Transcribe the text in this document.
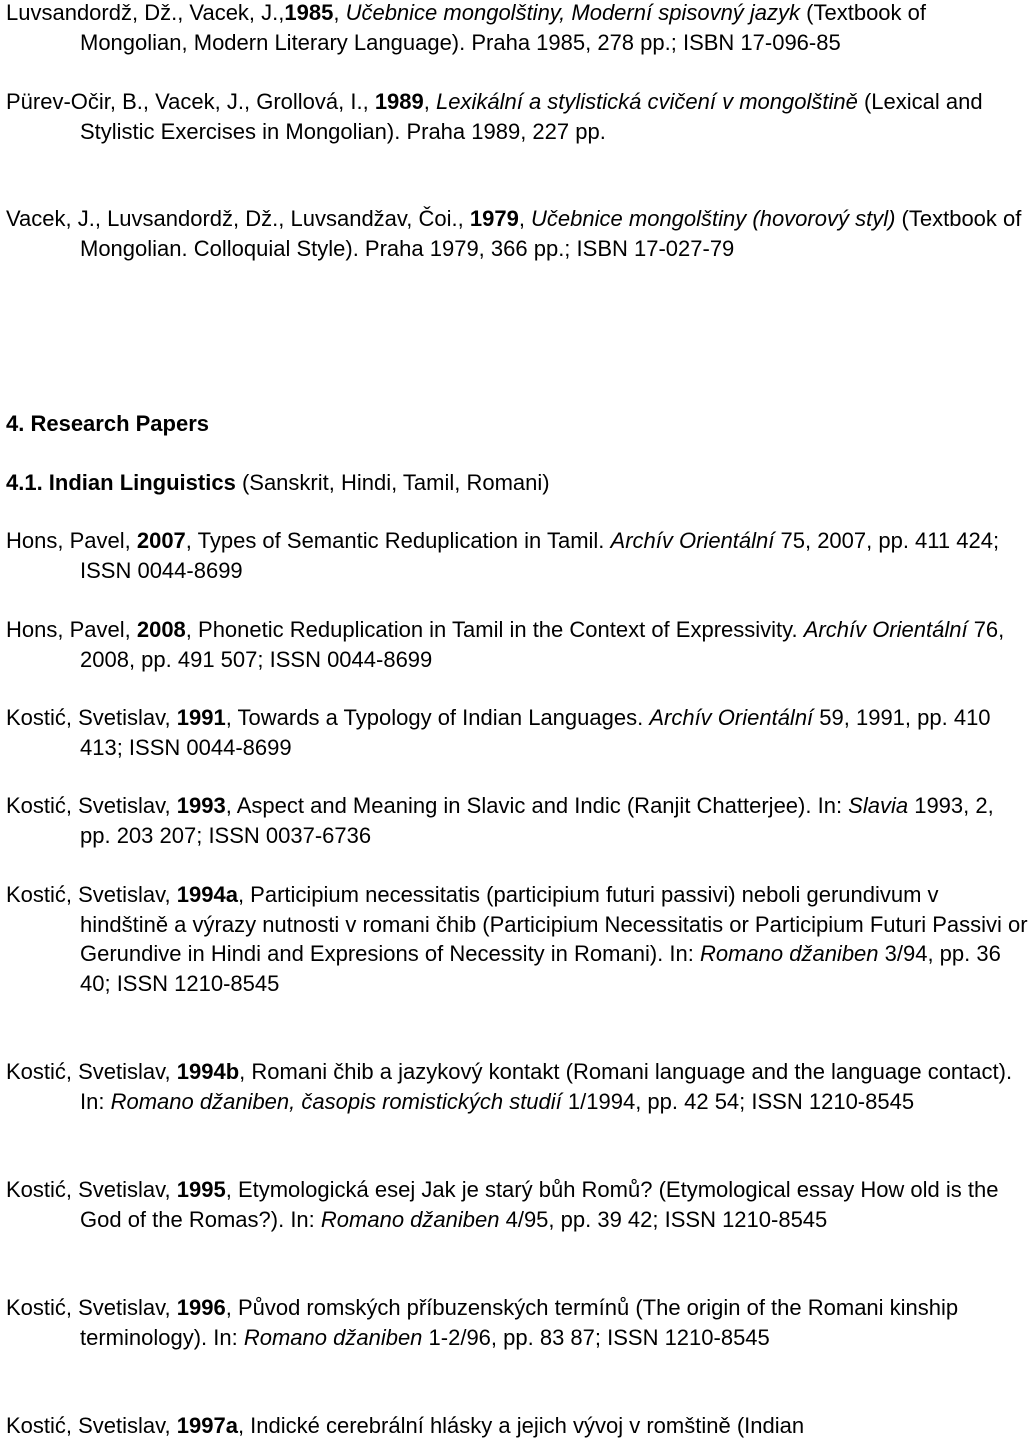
Luvsandordž, Dž., Vacek, J.,1985, Učebnice mongolštiny, Moderní spisovný jazyk (Textbook of Mongolian, Modern Literary Language). Praha 1985, 278 pp.; ISBN 17-096-85
Pürev-Očir, B., Vacek, J., Grollová, I., 1989, Lexikální a stylistická cvičení v mongolštině (Lexical and Stylistic Exercises in Mongolian). Praha 1989, 227 pp.
Vacek, J., Luvsandordž, Dž., Luvsandžav, Čoi., 1979, Učebnice mongolštiny (hovorový styl) (Textbook of Mongolian. Colloquial Style). Praha 1979, 366 pp.; ISBN 17-027-79
4. Research Papers
4.1. Indian Linguistics (Sanskrit, Hindi, Tamil, Romani)
Hons, Pavel, 2007, Types of Semantic Reduplication in Tamil. Archív Orientální 75, 2007, pp. 411 424; ISSN 0044-8699
Hons, Pavel, 2008, Phonetic Reduplication in Tamil in the Context of Expressivity. Archív Orientální 76, 2008, pp. 491 507; ISSN 0044-8699
Kostić, Svetislav, 1991, Towards a Typology of Indian Languages. Archív Orientální 59, 1991, pp. 410 413; ISSN 0044-8699
Kostić, Svetislav, 1993, Aspect and Meaning in Slavic and Indic (Ranjit Chatterjee). In: Slavia 1993, 2, pp. 203 207; ISSN 0037-6736
Kostić, Svetislav, 1994a, Participium necessitatis (participium futuri passivi) neboli gerundivum v hindštině a výrazy nutnosti v romani čhib (Participium Necessitatis or Participium Futuri Passivi or Gerundive in Hindi and Expresions of Necessity in Romani). In: Romano džaniben 3/94, pp. 36 40; ISSN 1210-8545
Kostić, Svetislav, 1994b, Romani čhib a jazykový kontakt (Romani language and the language contact). In: Romano džaniben, časopis romistických studií 1/1994, pp. 42 54; ISSN 1210-8545
Kostić, Svetislav, 1995, Etymologická esej Jak je starý bůh Romů? (Etymological essay How old is the God of the Romas?). In: Romano džaniben 4/95, pp. 39 42; ISSN 1210-8545
Kostić, Svetislav, 1996, Původ romských příbuzenských termínů (The origin of the Romani kinship terminology). In: Romano džaniben 1-2/96, pp. 83 87; ISSN 1210-8545
Kostić, Svetislav, 1997a, Indické cerebrální hlásky a jejich vývoj v romštině (Indian
